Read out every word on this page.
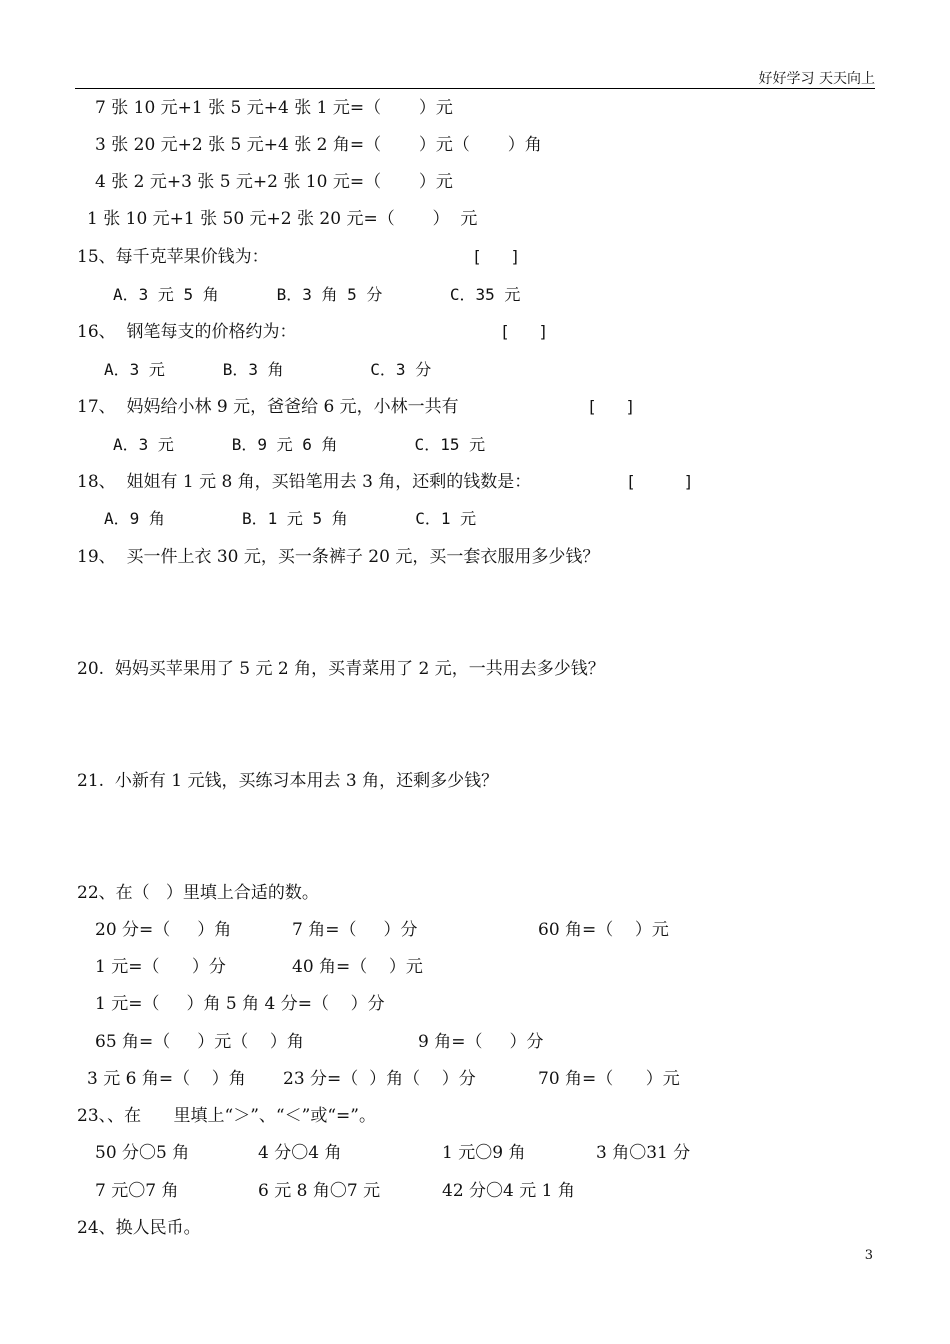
好好学习 天天向上
7 张 10 元+1 张 5 元+4 张 1 元=（       ）元
3 张 20 元+2 张 5 元+4 张 2 角=（       ）元（       ）角
4 张 2 元+3 张 5 元+2 张 10 元=（       ）元
1 张 10 元+1 张 50 元+2 张 20 元=（       ）  元
15、每千克苹果价钱为：	[   ]
A．3 元 5 角      B．3 角 5 分       C．35 元
16、  钢笔每支的价格约为：	[   ]
A．3 元      B．3 角         C．3 分
17、  妈妈给小林 9 元，爸爸给 6 元，小林一共有	[   ]
A．3 元      B．9 元 6 角        C．15 元
18、  姐姐有 1 元 8 角，买铅笔用去 3 角，还剩的钱数是：	[     ]
A．9 角        B．1 元 5 角       C．1 元
19、  买一件上衣 30 元，买一条裤子 20 元，买一套衣服用多少钱？
20.  妈妈买苹果用了 5 元 2 角，买青菜用了 2 元，一共用去多少钱？
21.  小新有 1 元钱，买练习本用去 3 角，还剩多少钱？
22、在（   ）里填上合适的数。
20 分=（     ）角	7 角=（     ）分	60 角=（    ）元
1 元=（      ）分	40 角=（    ）元
1 元=（     ）角 5 角 4 分=（    ）分
65 角=（     ）元（    ）角	9 角=（     ）分
3 元 6 角=（    ）角 23 分=（  ）角（    ）分	70 角=（      ）元
23、、在      里填上“＞”、“＜”或“=”。
50 分〇5 角	4 分〇4 角	1 元〇9 角	3 角〇31 分
7 元〇7 角	6 元 8 角〇7 元	42 分〇4 元 1 角
24、换人民币。
3
